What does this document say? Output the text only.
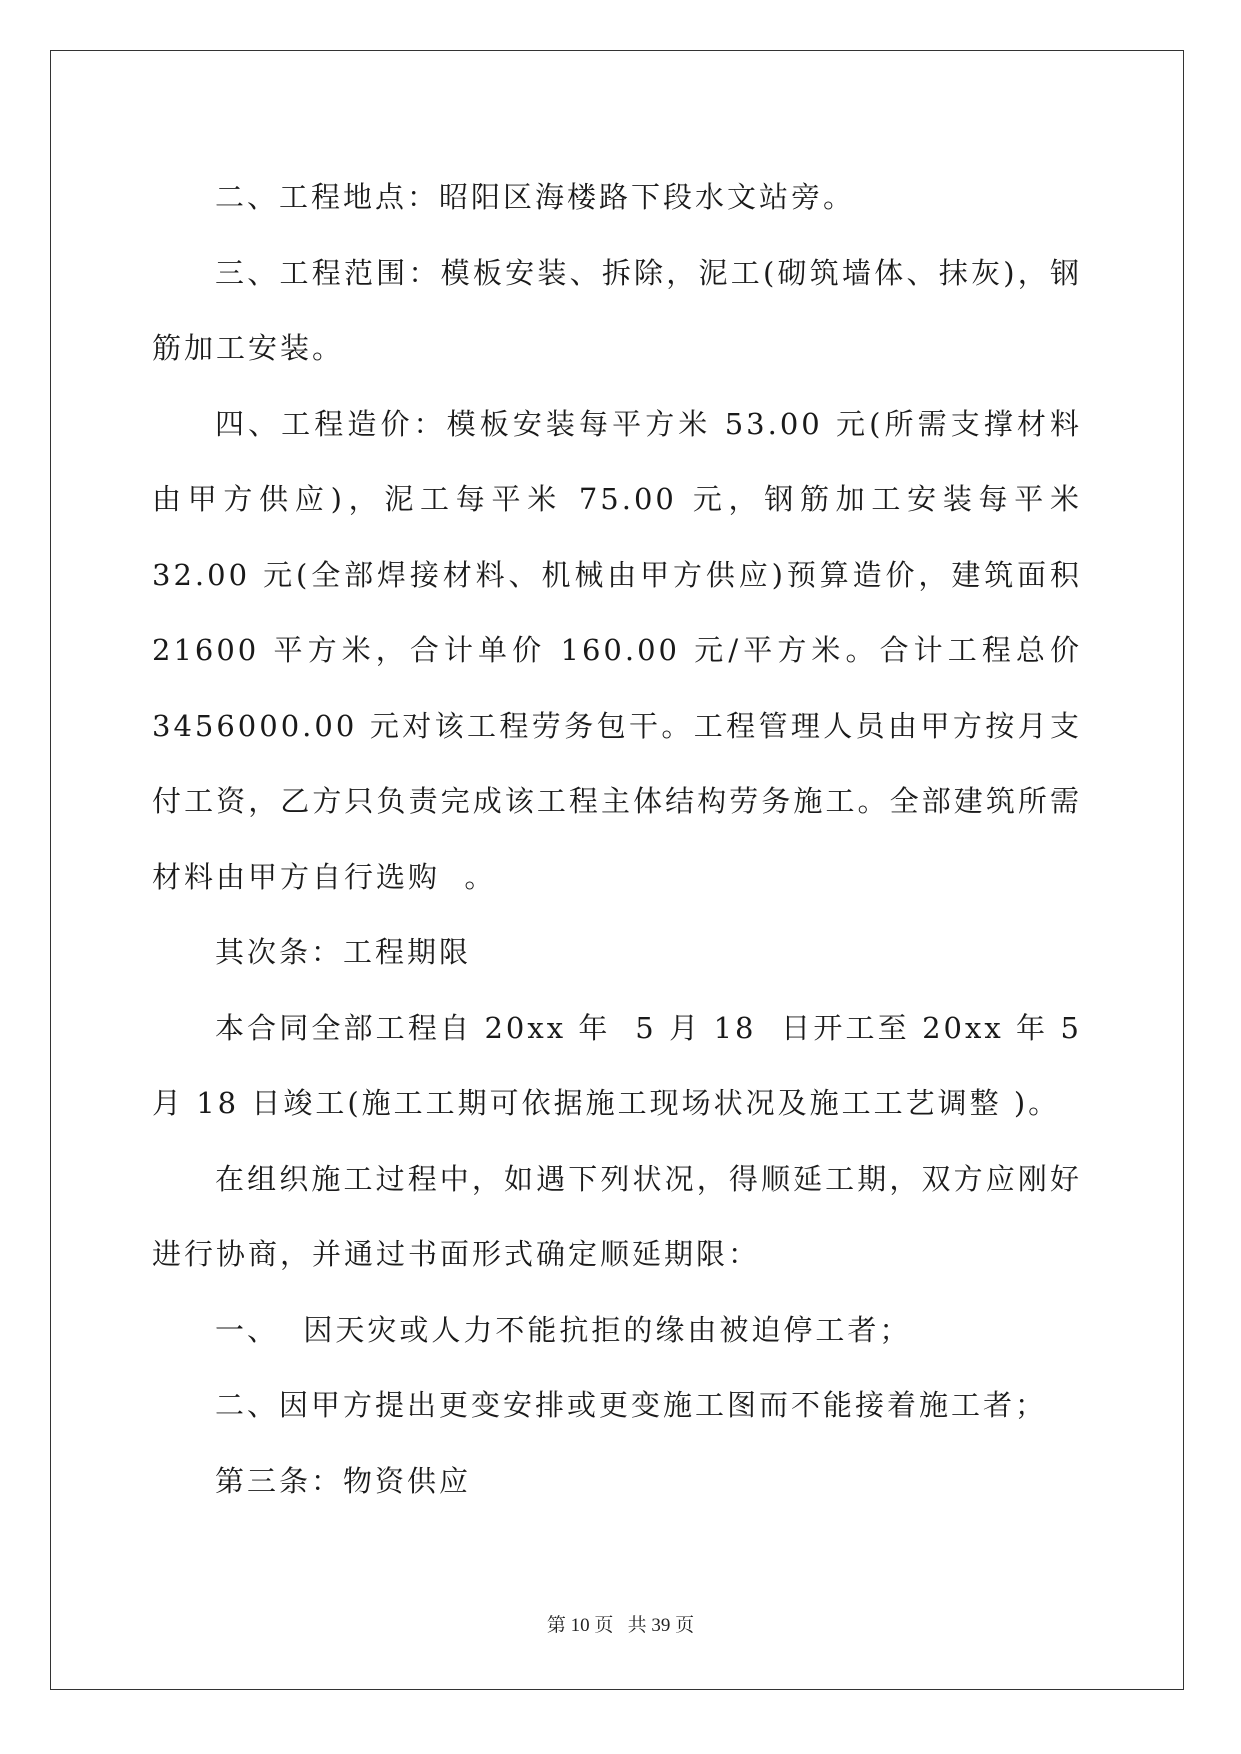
二、工程地点：昭阳区海楼路下段水文站旁。

三、工程范围：模板安装、拆除，泥工(砌筑墙体、抹灰)，钢筋加工安装。

四、工程造价：模板安装每平方米 53.00 元(所需支撑材料由甲方供应)，泥工每平米 75.00 元，钢筋加工安装每平米 32.00 元(全部焊接材料、机械由甲方供应)预算造价，建筑面积 21600 平方米，合计单价 160.00 元/平方米。合计工程总价 3456000.00 元对该工程劳务包干。工程管理人员由甲方按月支付工资，乙方只负责完成该工程主体结构劳务施工。全部建筑所需材料由甲方自行选购  。

其次条：工程期限

本合同全部工程自 20xx 年  5 月 18  日开工至 20xx 年 5 月 18 日竣工(施工工期可依据施工现场状况及施工工艺调整 )。

在组织施工过程中，如遇下列状况，得顺延工期，双方应刚好进行协商，并通过书面形式确定顺延期限：

一、  因天灾或人力不能抗拒的缘由被迫停工者；

二、因甲方提出更变安排或更变施工图而不能接着施工者；

第三条：物资供应

第 10 页 共 39 页
